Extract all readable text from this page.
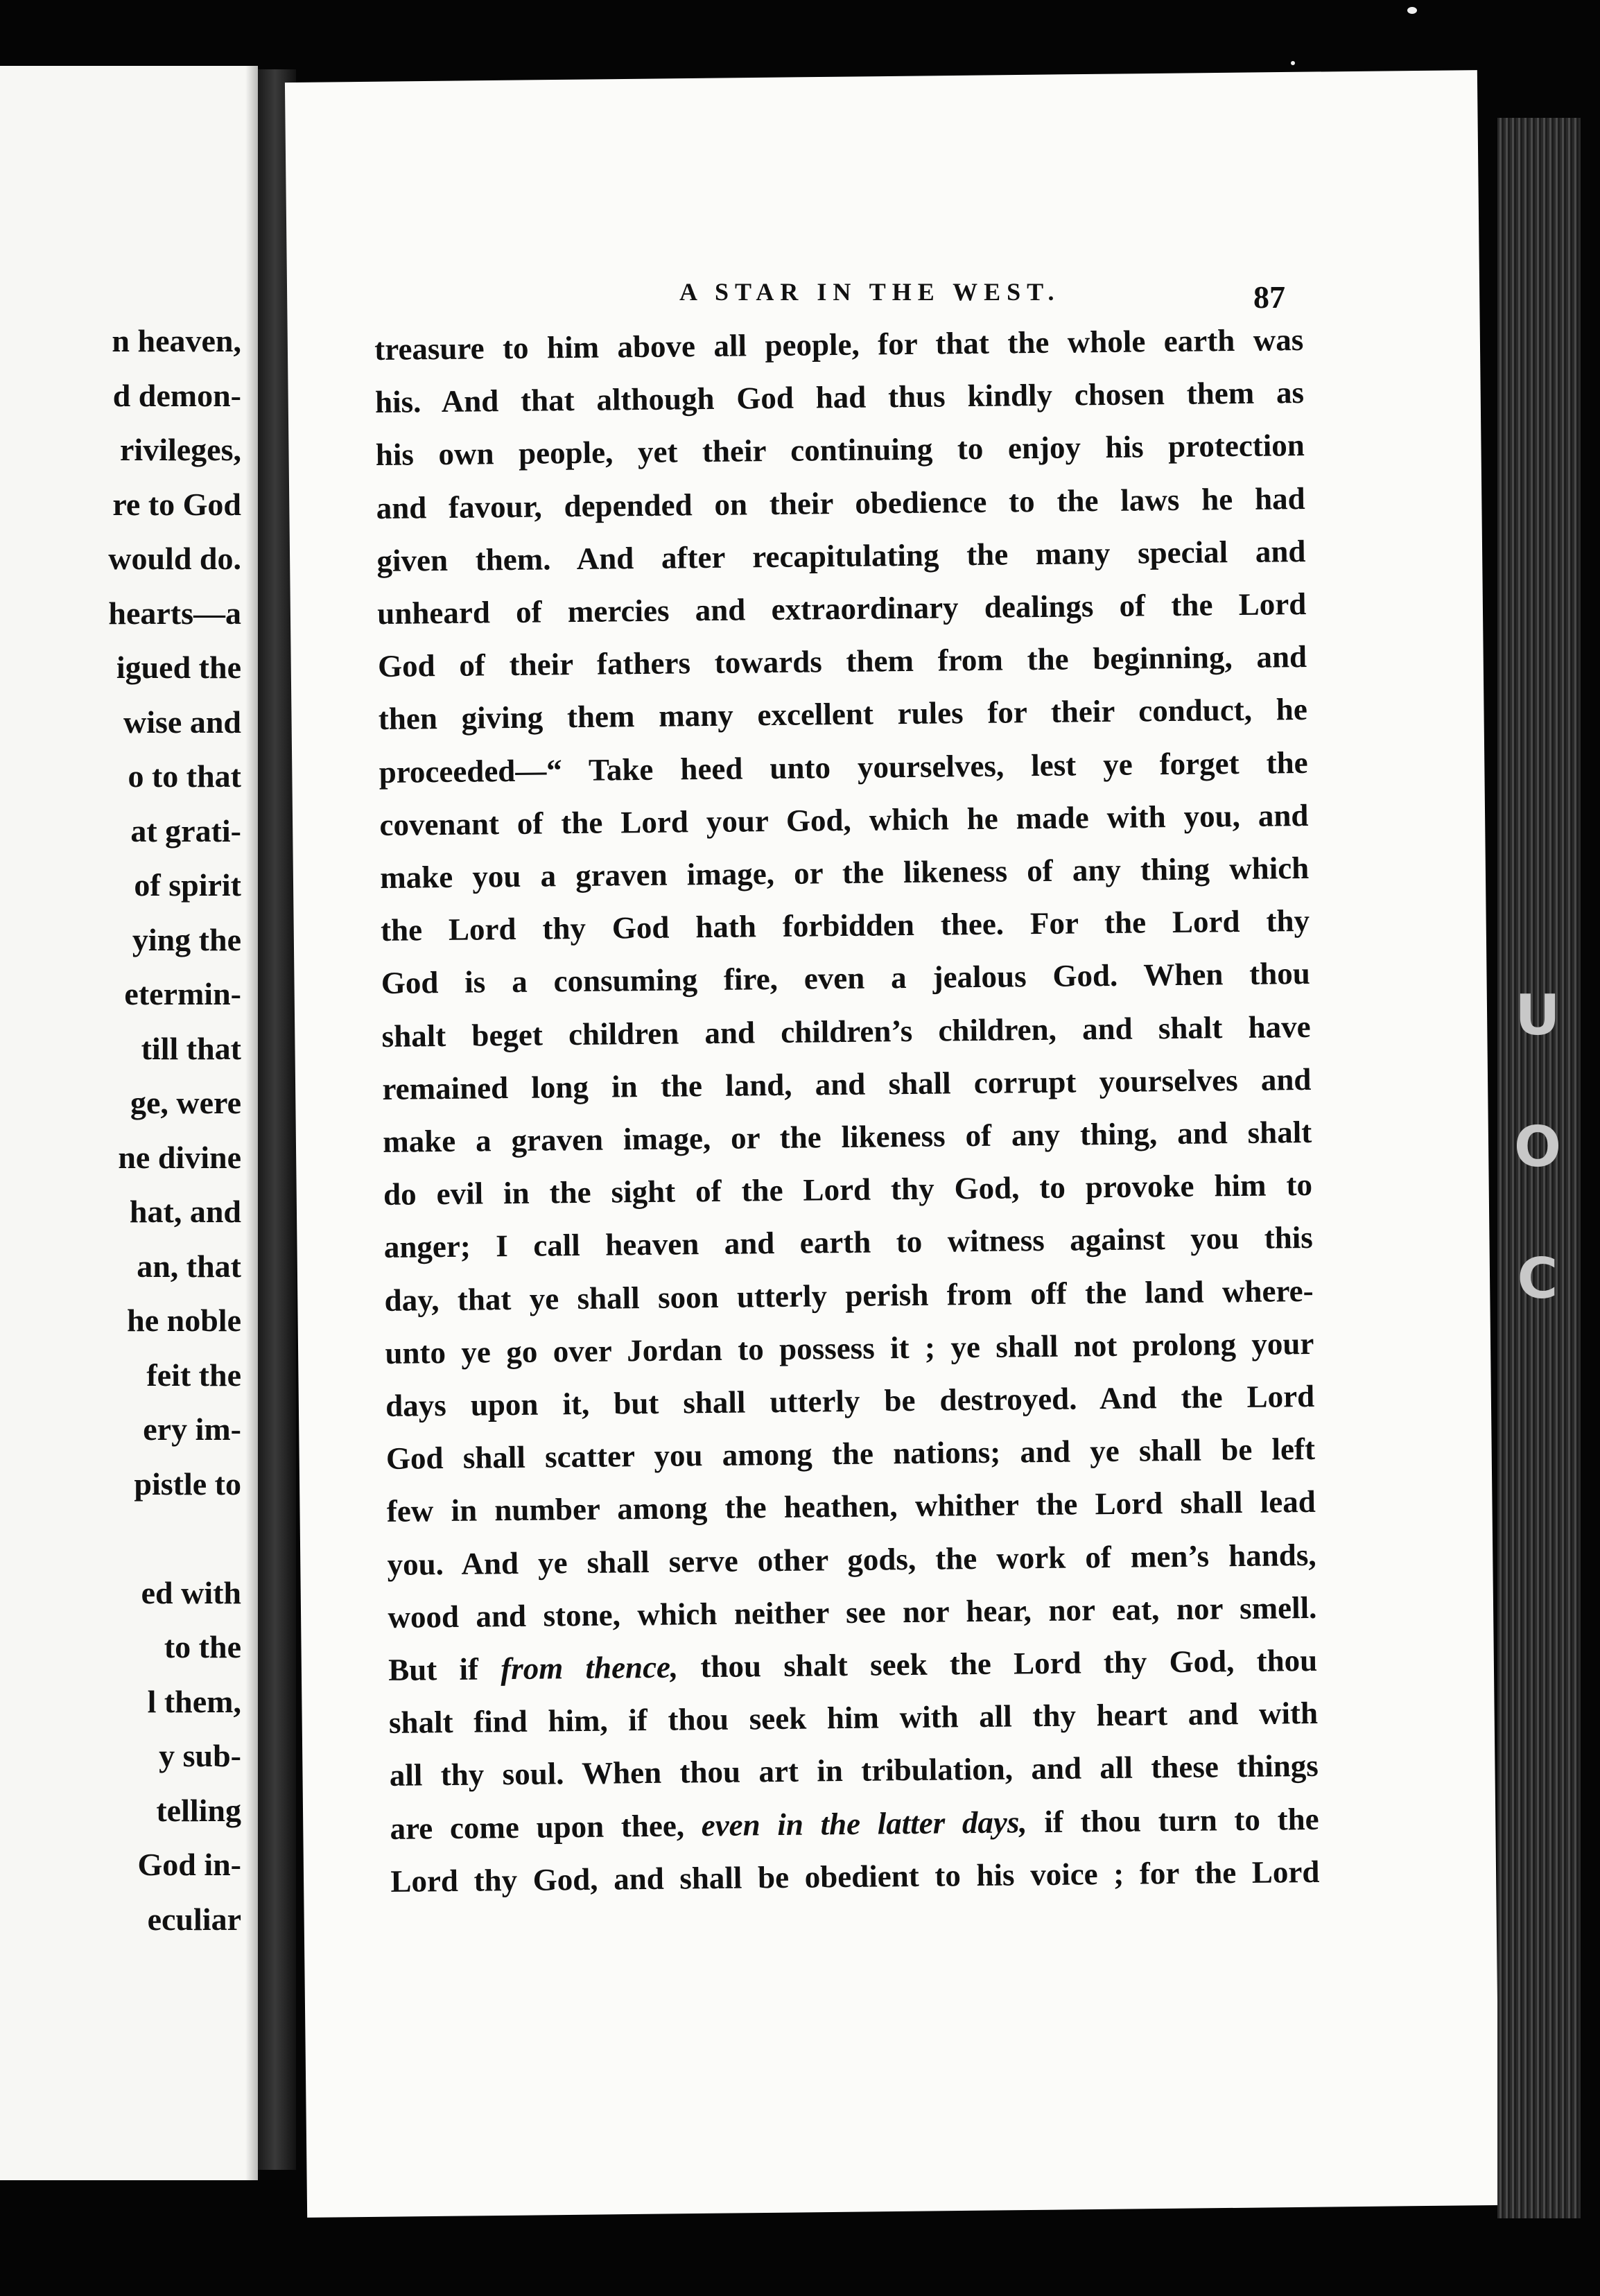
n heaven,
d demon-
rivileges,
re to God
would do.
hearts—a
igued the
wise and
o to that
at grati-
of spirit
ying the
etermin-
till that
ge, were
ne divine
hat, and
an, that
he noble
feit the
ery im-
pistle to
ed with
to the
l them,
y sub-
telling
God in-
eculiar
U
O
C
A STAR IN THE WEST.	87
treasure to him above all people, for that the whole earth was
his. And that although God had thus kindly chosen them as
his own people, yet their continuing to enjoy his protection
and favour, depended on their obedience to the laws he had
given them. And after recapitulating the many special and
unheard of mercies and extraordinary dealings of the Lord
God of their fathers towards them from the beginning, and
then giving them many excellent rules for their conduct, he
proceeded—“ Take heed unto yourselves, lest ye forget the
covenant of the Lord your God, which he made with you, and
make you a graven image, or the likeness of any thing which
the Lord thy God hath forbidden thee. For the Lord thy
God is a consuming fire, even a jealous God. When thou
shalt beget children and children’s children, and shalt have
remained long in the land, and shall corrupt yourselves and
make a graven image, or the likeness of any thing, and shalt
do evil in the sight of the Lord thy God, to provoke him to
anger; I call heaven and earth to witness against you this
day, that ye shall soon utterly perish from off the land where-
unto ye go over Jordan to possess it ; ye shall not prolong your
days upon it, but shall utterly be destroyed. And the Lord
God shall scatter you among the nations; and ye shall be left
few in number among the heathen, whither the Lord shall lead
you. And ye shall serve other gods, the work of men’s hands,
wood and stone, which neither see nor hear, nor eat, nor smell.
But if from thence, thou shalt seek the Lord thy God, thou
shalt find him, if thou seek him with all thy heart and with
all thy soul. When thou art in tribulation, and all these things
are come upon thee, even in the latter days, if thou turn to the
Lord thy God, and shall be obedient to his voice ; for the Lord
